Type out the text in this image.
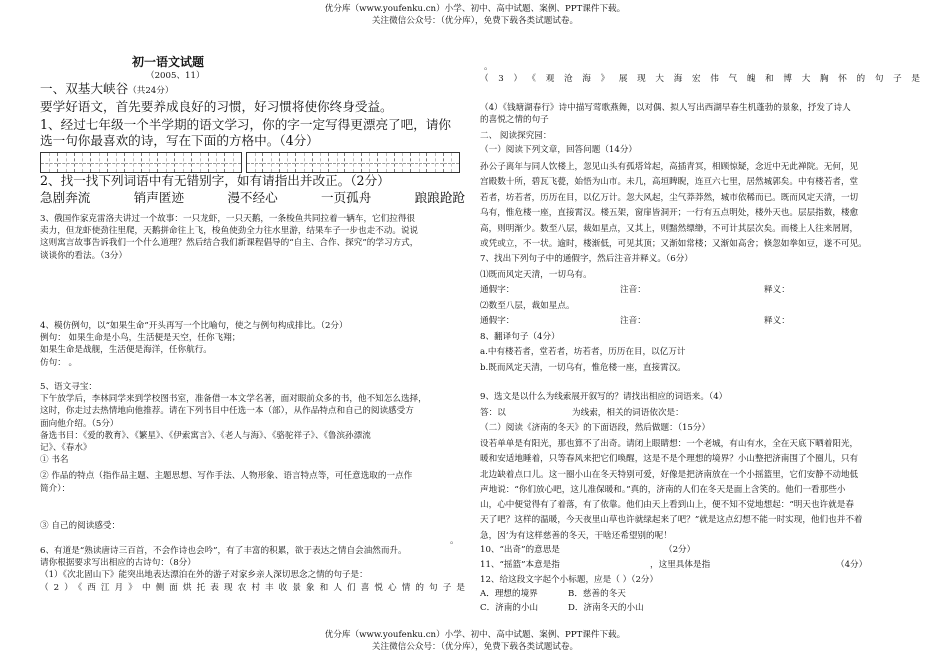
优分库（www.youfenku.cn）小学、初中、高中试题、案例、PPT课件下载。
关注微信公众号：（优分库），免费下载各类试题试卷。
初一语文试题
（2005、11）
一、双基大峡谷（共24分）
要学好语文，首先要养成良好的习惯，好习惯将使你终身受益。
1、经过七年级一个半学期的语文学习，你的字一定写得更漂亮了吧，请你
选一句你最喜欢的诗，写在下面的方格中。（4分）
2、找一找下列词语中有无错别字，如有请指出并改正。（2分）
急剧奔流	销声匿迹	漫不经心	一页孤舟	踉踉跄跄

3、俄国作家克雷洛夫讲过一个故事：一只龙虾，一只天鹅，一条梭鱼共同拉着一辆车，它们拉得很

卖力，但龙虾使劲往里爬，天鹅拼命往上飞，梭鱼使劲全力往水里游，结果车子一步也走不动。说说

这则寓言故事告诉我们一个什么道理？然后结合我们新课程倡导的“自主、合作、探究”的学习方式，

谈谈你的看法。（3分）

4、模仿例句，以“如果生命”开头再写一个比喻句，使之与例句构成排比。（2分）

例句： 如果生命是小鸟，生活便是天空，任你飞翔；

如果生命是战舰，生活便是海洋，任你航行。

仿句： 。

5、语文寻宝：

下午放学后，李林同学来到学校图书室，准备借一本文学名著，面对眼前众多的书，他不知怎么选择，

这时，你走过去热情地向他推荐。请在下列书目中任选一本（部），从作品特点和自己的阅读感受方

面向他介绍。（5分）

备选书目：《爱的教育》、《繁星》、《伊索寓言》、《老人与海》、《骆驼祥子》、《鲁滨孙漂流

记》、《春水》

① 书名

② 作品的特点（指作品主题、主题思想、写作手法、人物形象、语言特点等，可任意选取的一点作

简介）：

③ 自己的阅读感受：
。

6、有道是“熟读唐诗三百首，不会作诗也会吟”，有了丰富的积累，欲于表达之情自会油然而升。

请你根据要求写出相应的古诗句：（8分）

（1）《次北固山下》能突出地表达漂泊在外的游子对家乡亲人深切思念之情的句子是：

（2）《西江月》中侧面烘托表现农村丰收景象和人们喜悦心情的句子是

。
（3）《观沧海》展现大海宏伟气魄和博大胸怀的句子是

（4）《钱塘湖春行》诗中描写莺歌燕舞，以对偶、拟人写出西湖早春生机蓬勃的景象，抒发了诗人

的喜悦之情的句子

二、 阅读探究园：
（一）阅读下列文章，回答问题（14分）

孙公子离年与同人饮楼上，忽见山头有孤塔耸起，高插青冥，相顾惊疑，念近中无此禅院。无何，见

宫殿数十所，碧瓦飞甍，始悟为山市。未几，高垣睥睨，连亘六七里，居然城郭矣。中有楼若者，堂

若者，坊若者，历历在目，以亿万计。忽大风起，尘气莽莽然，城市依稀而已。既而风定天清，一切

乌有，惟危楼一座，直接霄汉。楼五架，窗扉皆洞开；一行有五点明处，楼外天也。层层指数，楼愈

高，则明渐少。数至八层，裁如星点，又其上，则黯然缥缈，不可计其层次矣。而楼上人往来屑屑，

或凭或立，不一状。逾时，楼渐低，可见其顶；又渐如常楼；又渐如高舍；倏忽如拳如豆，遂不可见。

7、找出下列句子中的通假字，然后注音并释义。（6分）

⑴既而风定天清，一切乌有。

通假字：	注音：	释义：

⑵数至八层，裁如星点。

通假字：	注音：	释义：

8、翻译句子（4分）

a.中有楼若者，堂若者，坊若者，历历在目，以亿万计

b.既而风定天清，一切乌有，惟危楼一座，直接霄汉。

9、选文是以什么为线索展开叙写的？请找出相应的词语来。（4）

答：以	为线索，相关的词语依次是：

（二）阅读《济南的冬天》的下面语段，然后做题：（15分）

设若单单是有阳光，那也算不了出奇。请闭上眼睛想：一个老城，有山有水，全在天底下晒着阳光，

暖和安适地睡着，只等春风来把它们唤醒，这是不是个理想的境界？小山整把济南围了个圈儿，只有

北边缺着点口儿。这一圈小山在冬天特别可爱，好像是把济南放在一个小摇篮里，它们安静不动地低

声地说：“你们放心吧，这儿准保暖和。”真的，济南的人们在冬天是面上含笑的。他们一看那些小

山，心中便觉得有了着落，有了依靠。他们由天上看到山上，便不知不觉地想起：“明天也许就是春

天了吧？这样的温暖，今天夜里山草也许就绿起来了吧？”就是这点幻想不能一时实现，他们也并不着

急，因‘为有这样慈善的冬天，干啥还希望别的呢！

10、“出奇”的意思是	（2分）
11、“摇篮”本意是指	，这里具体是指	（4分）
12、给这段文字起个小标题，应是（ ）（2分）
A．理想的境界	B．慈善的冬天
C．济南的小山	D．济南冬天的小山
优分库（www.youfenku.cn）小学、初中、高中试题、案例、PPT课件下载。
关注微信公众号：（优分库），免费下载各类试题试卷。
